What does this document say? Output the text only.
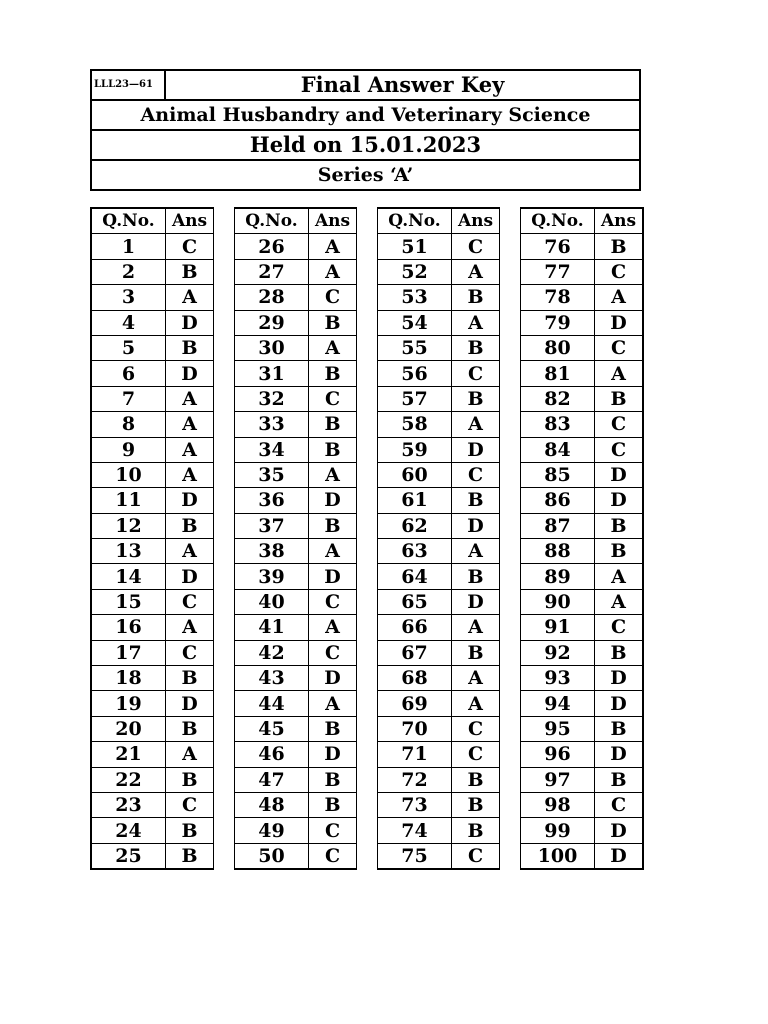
LLL23—61	Final Answer Key
Animal Husbandry and Veterinary Science
Held on 15.01.2023
Series ‘A’
Q.No.	Ans		Q.No.	Ans		Q.No.	Ans		Q.No.	Ans
1	C		26	A		51	C		76	B
2	B		27	A		52	A		77	C
3	A		28	C		53	B		78	A
4	D		29	B		54	A		79	D
5	B		30	A		55	B		80	C
6	D		31	B		56	C		81	A
7	A		32	C		57	B		82	B
8	A		33	B		58	A		83	C
9	A		34	B		59	D		84	C
10	A		35	A		60	C		85	D
11	D		36	D		61	B		86	D
12	B		37	B		62	D		87	B
13	A		38	A		63	A		88	B
14	D		39	D		64	B		89	A
15	C		40	C		65	D		90	A
16	A		41	A		66	A		91	C
17	C		42	C		67	B		92	B
18	B		43	D		68	A		93	D
19	D		44	A		69	A		94	D
20	B		45	B		70	C		95	B
21	A		46	D		71	C		96	D
22	B		47	B		72	B		97	B
23	C		48	B		73	B		98	C
24	B		49	C		74	B		99	D
25	B		50	C		75	C		100	D
